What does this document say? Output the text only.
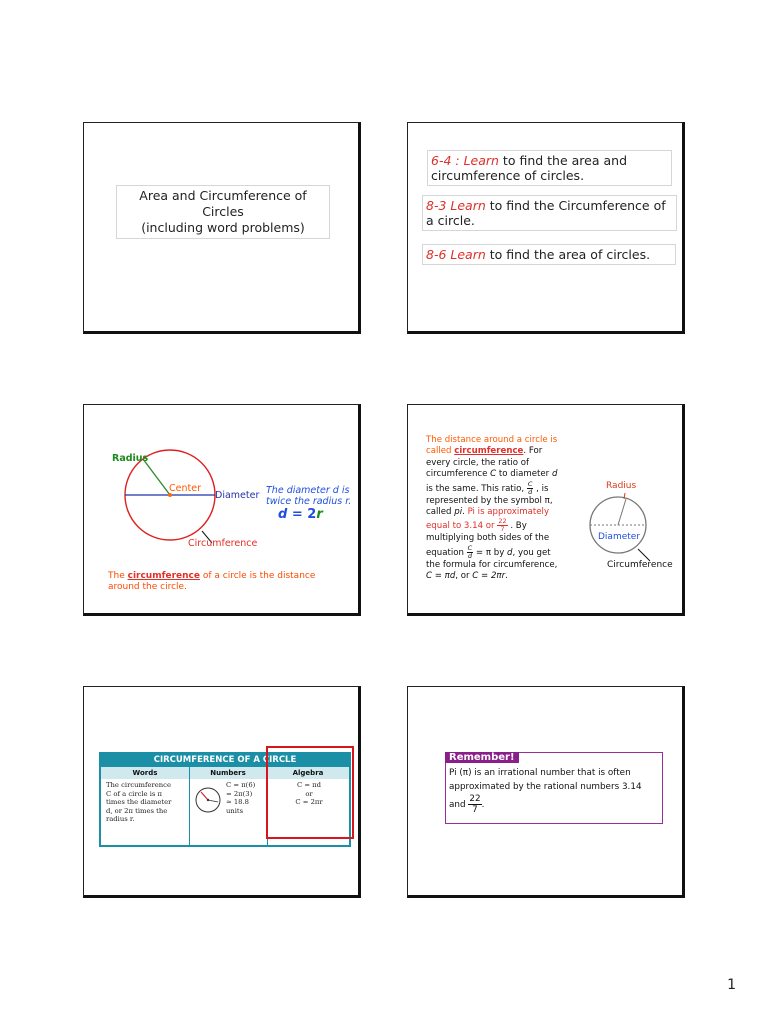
Area and Circumference of Circles
(including word problems)
6-4 : Learn to find the area and circumference of circles.
8-3 Learn to find the Circumference of a circle.
8-6 Learn to find the area of circles.
Radius
Center
Diameter
Circumference
The diameter d is
twice the radius r.
d = 2r
The circumference of a circle is the distance around the circle.
The distance around a circle is called circumference. For every circle, the ratio of circumference C to diameter d is the same. This ratio, $\frac{C}{d}$ , is represented by the symbol π, called pi. Pi is approximately equal to 3.14 or $\frac{22}{7}$ . By multiplying both sides of the equation $\frac{C}{d} = \pi$ by d, you get the formula for circumference, C = πd, or C = 2πr.
Radius
Diameter
Circumference
CIRCUMFERENCE OF A CIRCLE
Words	Numbers	Algebra
The circumference
C of a circle is π
times the diameter
d, or 2π times the
radius r.
C = π(6)
= 2π(3)
≈ 18.8
units
C = πd
or
C = 2πr
Remember!
Pi (π) is an irrational number that is often
approximated by the rational numbers 3.14
and $\frac{22}{7}$ .
1
